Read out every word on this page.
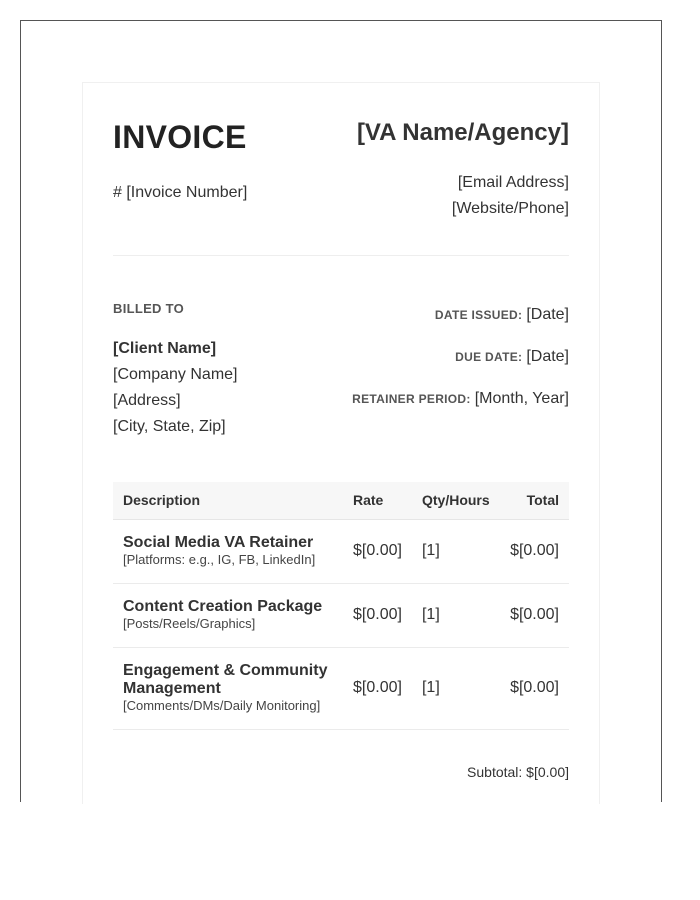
INVOICE
# [Invoice Number]
[VA Name/Agency]
[Email Address]
[Website/Phone]
BILLED TO
[Client Name]
[Company Name]
[Address]
[City, State, Zip]
DATE ISSUED: [Date]
DUE DATE: [Date]
RETAINER PERIOD: [Month, Year]
Description	Rate	Qty/Hours	Total

Social Media VA Retainer
[Platforms: e.g., IG, FB, LinkedIn]	$[0.00]	[1]	$[0.00]

Content Creation Package
[Posts/Reels/Graphics]	$[0.00]	[1]	$[0.00]

Engagement & Community Management
[Comments/DMs/Daily Monitoring]	$[0.00]	[1]	$[0.00]
Subtotal: $[0.00]
